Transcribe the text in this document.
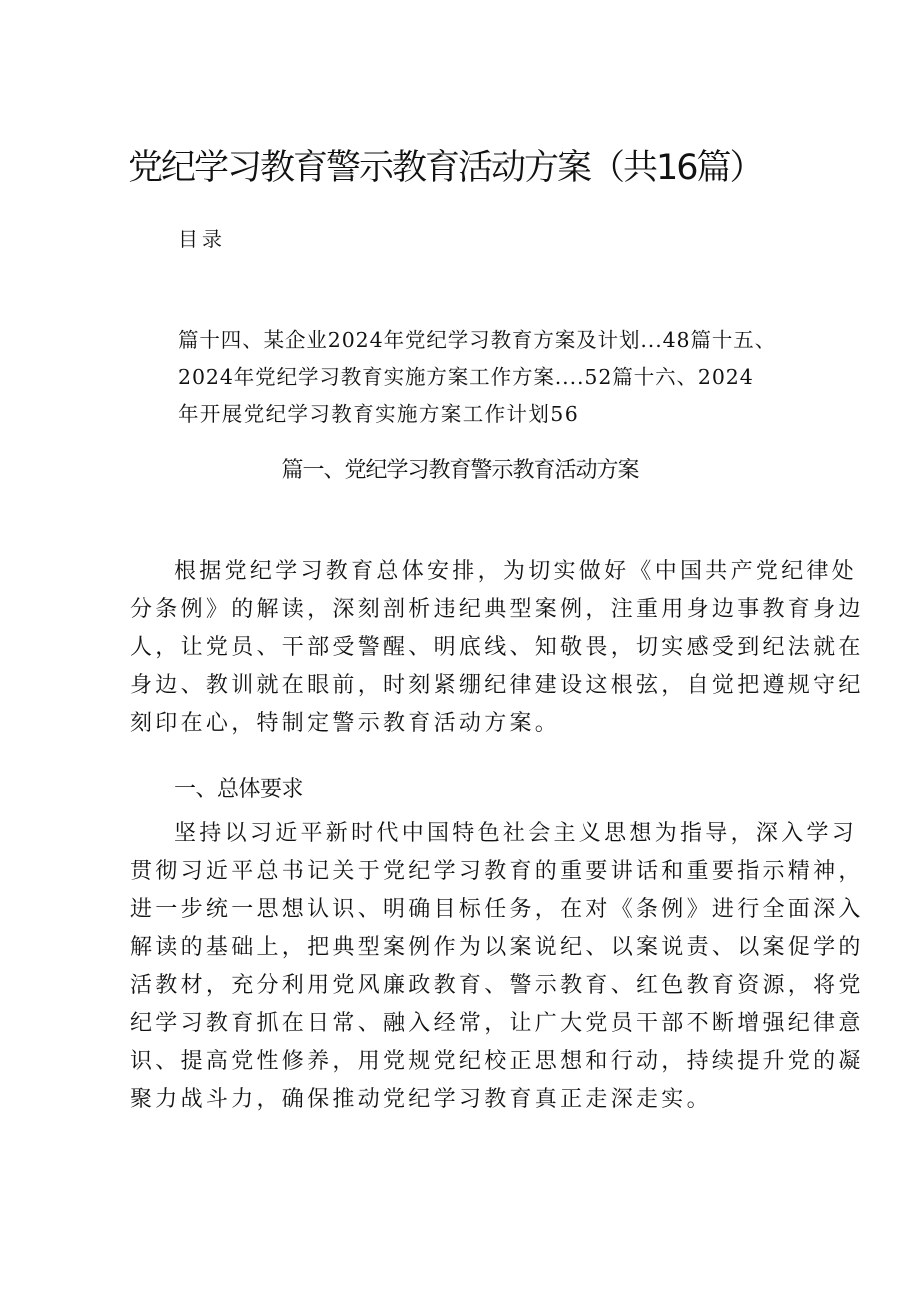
党纪学习教育警示教育活动方案（共16篇）
目录
篇十四、某企业2024年党纪学习教育方案及计划...48篇十五、
2024年党纪学习教育实施方案工作方案....52篇十六、2024
年开展党纪学习教育实施方案工作计划56
篇一、党纪学习教育警示教育活动方案
根据党纪学习教育总体安排，为切实做好《中国共产党纪律处
分条例》的解读，深刻剖析违纪典型案例，注重用身边事教育身边
人，让党员、干部受警醒、明底线、知敬畏，切实感受到纪法就在
身边、教训就在眼前，时刻紧绷纪律建设这根弦，自觉把遵规守纪
刻印在心，特制定警示教育活动方案。
一、总体要求
坚持以习近平新时代中国特色社会主义思想为指导，深入学习
贯彻习近平总书记关于党纪学习教育的重要讲话和重要指示精神，
进一步统一思想认识、明确目标任务，在对《条例》进行全面深入
解读的基础上，把典型案例作为以案说纪、以案说责、以案促学的
活教材，充分利用党风廉政教育、警示教育、红色教育资源，将党
纪学习教育抓在日常、融入经常，让广大党员干部不断增强纪律意
识、提高党性修养，用党规党纪校正思想和行动，持续提升党的凝
聚力战斗力，确保推动党纪学习教育真正走深走实。
